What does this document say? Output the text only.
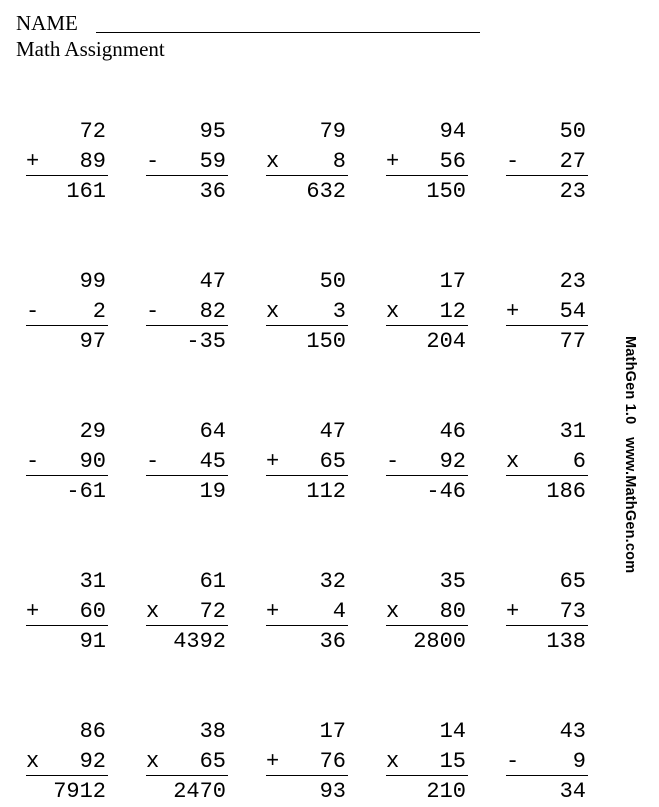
NAME
Math Assignment
72
+ 89
161
95
- 59
36
79
x 8
632
94
+ 56
150
50
- 27
23
99
- 2
97
47
- 82
-35
50
x 3
150
17
x 12
204
23
+ 54
77
29
- 90
-61
64
- 45
19
47
+ 65
112
46
- 92
-46
31
x 6
186
31
+ 60
91
61
x 72
4392
32
+ 4
36
35
x 80
2800
65
+ 73
138
86
x 92
7912
38
x 65
2470
17
+ 76
93
14
x 15
210
43
- 9
34
MathGen 1.0   www.MathGen.com
